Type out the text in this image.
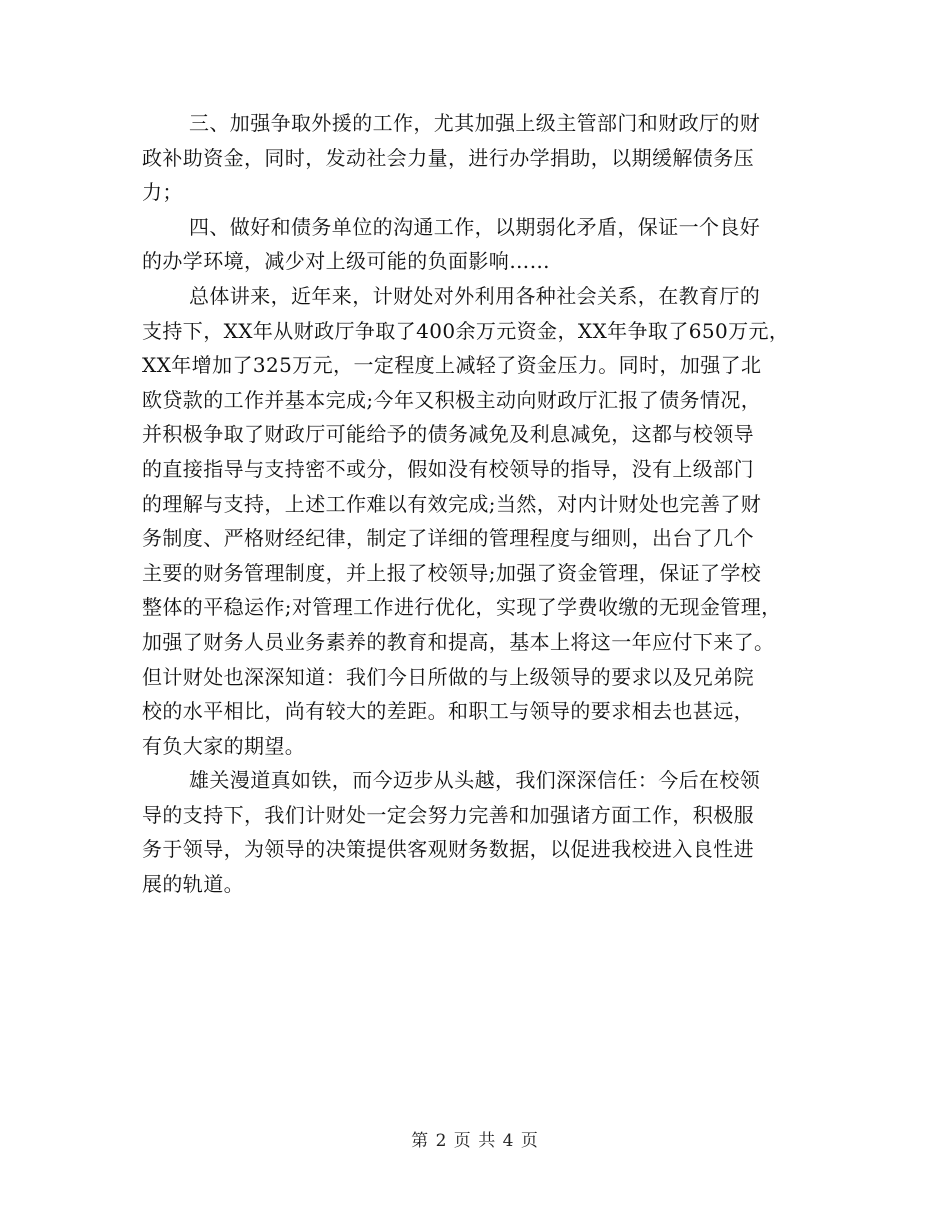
三、加强争取外援的工作，尤其加强上级主管部门和财政厅的财
政补助资金，同时，发动社会力量，进行办学捐助，以期缓解债务压
力；

四、做好和债务单位的沟通工作，以期弱化矛盾，保证一个良好
的办学环境，减少对上级可能的负面影响……

总体讲来，近年来，计财处对外利用各种社会关系，在教育厅的
支持下，XX年从财政厅争取了400余万元资金，XX年争取了650万元，
XX年增加了325万元，一定程度上减轻了资金压力。同时，加强了北
欧贷款的工作并基本完成;今年又积极主动向财政厅汇报了债务情况，
并积极争取了财政厅可能给予的债务减免及利息减免，这都与校领导
的直接指导与支持密不或分，假如没有校领导的指导，没有上级部门
的理解与支持，上述工作难以有效完成;当然，对内计财处也完善了财
务制度、严格财经纪律，制定了详细的管理程度与细则，出台了几个
主要的财务管理制度，并上报了校领导;加强了资金管理，保证了学校
整体的平稳运作;对管理工作进行优化，实现了学费收缴的无现金管理，
加强了财务人员业务素养的教育和提高，基本上将这一年应付下来了。
但计财处也深深知道：我们今日所做的与上级领导的要求以及兄弟院
校的水平相比，尚有较大的差距。和职工与领导的要求相去也甚远，
有负大家的期望。

雄关漫道真如铁，而今迈步从头越，我们深深信任：今后在校领
导的支持下，我们计财处一定会努力完善和加强诸方面工作，积极服
务于领导，为领导的决策提供客观财务数据，以促进我校进入良性进
展的轨道。

第 2 页 共 4 页
